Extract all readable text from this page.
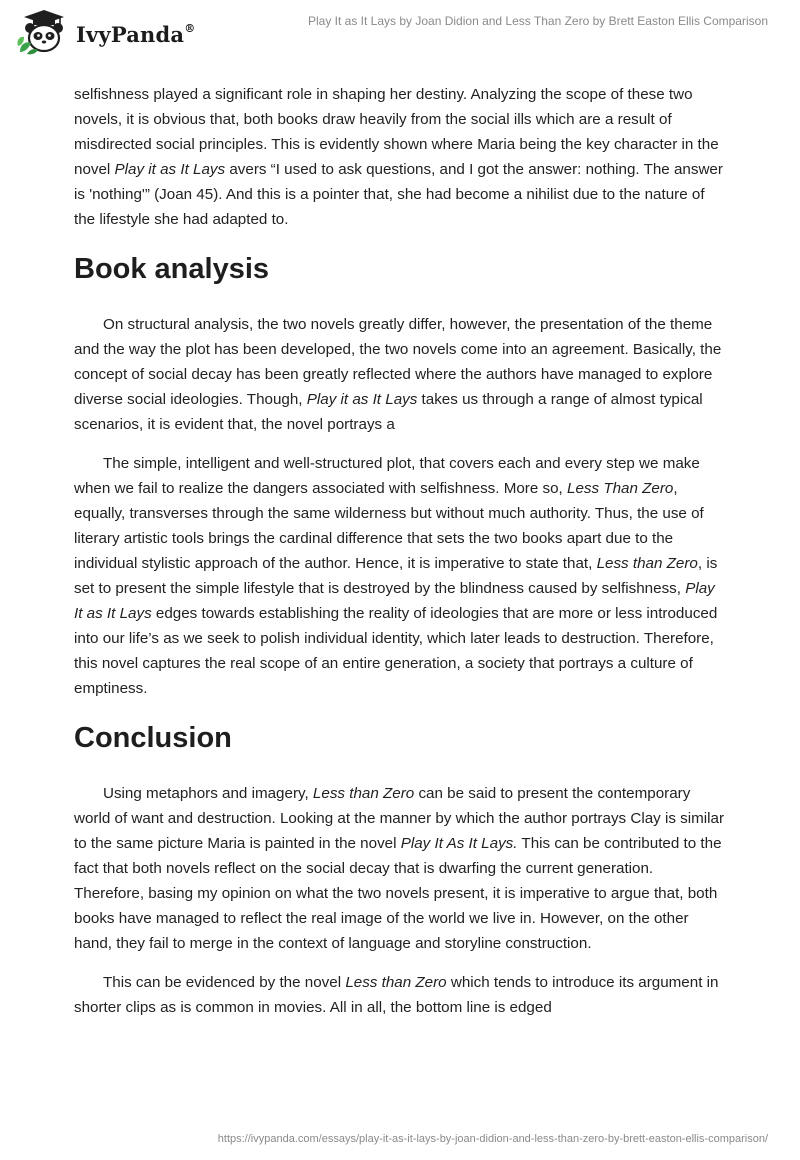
IvyPanda®	Play It as It Lays by Joan Didion and Less Than Zero by Brett Easton Ellis Comparison

selfishness played a significant role in shaping her destiny. Analyzing the scope of these two novels, it is obvious that, both books draw heavily from the social ills which are a result of misdirected social principles. This is evidently shown where Maria being the key character in the novel Play it as It Lays avers “I used to ask questions, and I got the answer: nothing. The answer is 'nothing'” (Joan 45). And this is a pointer that, she had become a nihilist due to the nature of the lifestyle she had adapted to.

Book analysis

On structural analysis, the two novels greatly differ, however, the presentation of the theme and the way the plot has been developed, the two novels come into an agreement. Basically, the concept of social decay has been greatly reflected where the authors have managed to explore diverse social ideologies. Though, Play it as It Lays takes us through a range of almost typical scenarios, it is evident that, the novel portrays a

The simple, intelligent and well-structured plot, that covers each and every step we make when we fail to realize the dangers associated with selfishness. More so, Less Than Zero, equally, transverses through the same wilderness but without much authority. Thus, the use of literary artistic tools brings the cardinal difference that sets the two books apart due to the individual stylistic approach of the author. Hence, it is imperative to state that, Less than Zero, is set to present the simple lifestyle that is destroyed by the blindness caused by selfishness, Play It as It Lays edges towards establishing the reality of ideologies that are more or less introduced into our life’s as we seek to polish individual identity, which later leads to destruction. Therefore, this novel captures the real scope of an entire generation, a society that portrays a culture of emptiness.

Conclusion

Using metaphors and imagery, Less than Zero can be said to present the contemporary world of want and destruction. Looking at the manner by which the author portrays Clay is similar to the same picture Maria is painted in the novel Play It As It Lays. This can be contributed to the fact that both novels reflect on the social decay that is dwarfing the current generation. Therefore, basing my opinion on what the two novels present, it is imperative to argue that, both books have managed to reflect the real image of the world we live in. However, on the other hand, they fail to merge in the context of language and storyline construction.

This can be evidenced by the novel Less than Zero which tends to introduce its argument in shorter clips as is common in movies. All in all, the bottom line is edged

https://ivypanda.com/essays/play-it-as-it-lays-by-joan-didion-and-less-than-zero-by-brett-easton-ellis-comparison/
